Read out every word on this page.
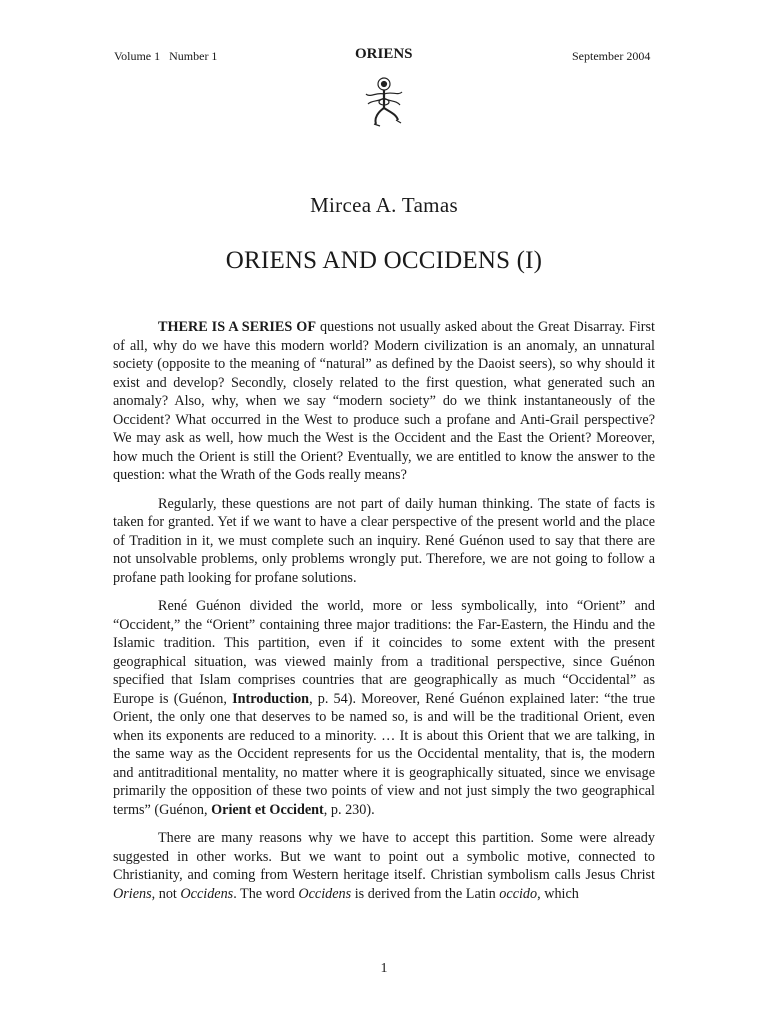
Volume 1   Number 1	ORIENS	September 2004
Mircea A. Tamas
ORIENS AND OCCIDENS (I)

THERE IS A SERIES OF questions not usually asked about the Great Disarray. First of all, why do we have this modern world? Modern civilization is an anomaly, an unnatural society (opposite to the meaning of “natural” as defined by the Daoist seers), so why should it exist and develop? Secondly, closely related to the first question, what generated such an anomaly? Also, why, when we say “modern society” do we think instantaneously of the Occident? What occurred in the West to produce such a profane and Anti-Grail perspective? We may ask as well, how much the West is the Occident and the East the Orient? Moreover, how much the Orient is still the Orient? Eventually, we are entitled to know the answer to the question: what the Wrath of the Gods really means?

Regularly, these questions are not part of daily human thinking. The state of facts is taken for granted. Yet if we want to have a clear perspective of the present world and the place of Tradition in it, we must complete such an inquiry. René Guénon used to say that there are not unsolvable problems, only problems wrongly put. Therefore, we are not going to follow a profane path looking for profane solutions.

René Guénon divided the world, more or less symbolically, into “Orient” and “Occident,” the “Orient” containing three major traditions: the Far-Eastern, the Hindu and the Islamic tradition. This partition, even if it coincides to some extent with the present geographical situation, was viewed mainly from a traditional perspective, since Guénon specified that Islam comprises countries that are geographically as much “Occidental” as Europe is (Guénon, Introduction, p. 54). Moreover, René Guénon explained later: “the true Orient, the only one that deserves to be named so, is and will be the traditional Orient, even when its exponents are reduced to a minority. … It is about this Orient that we are talking, in the same way as the Occident represents for us the Occidental mentality, that is, the modern and antitraditional mentality, no matter where it is geographically situated, since we envisage primarily the opposition of these two points of view and not just simply the two geographical terms” (Guénon, Orient et Occident, p. 230).

There are many reasons why we have to accept this partition. Some were already suggested in other works. But we want to point out a symbolic motive, connected to Christianity, and coming from Western heritage itself. Christian symbolism calls Jesus Christ Oriens, not Occidens. The word Occidens is derived from the Latin occido, which

1
